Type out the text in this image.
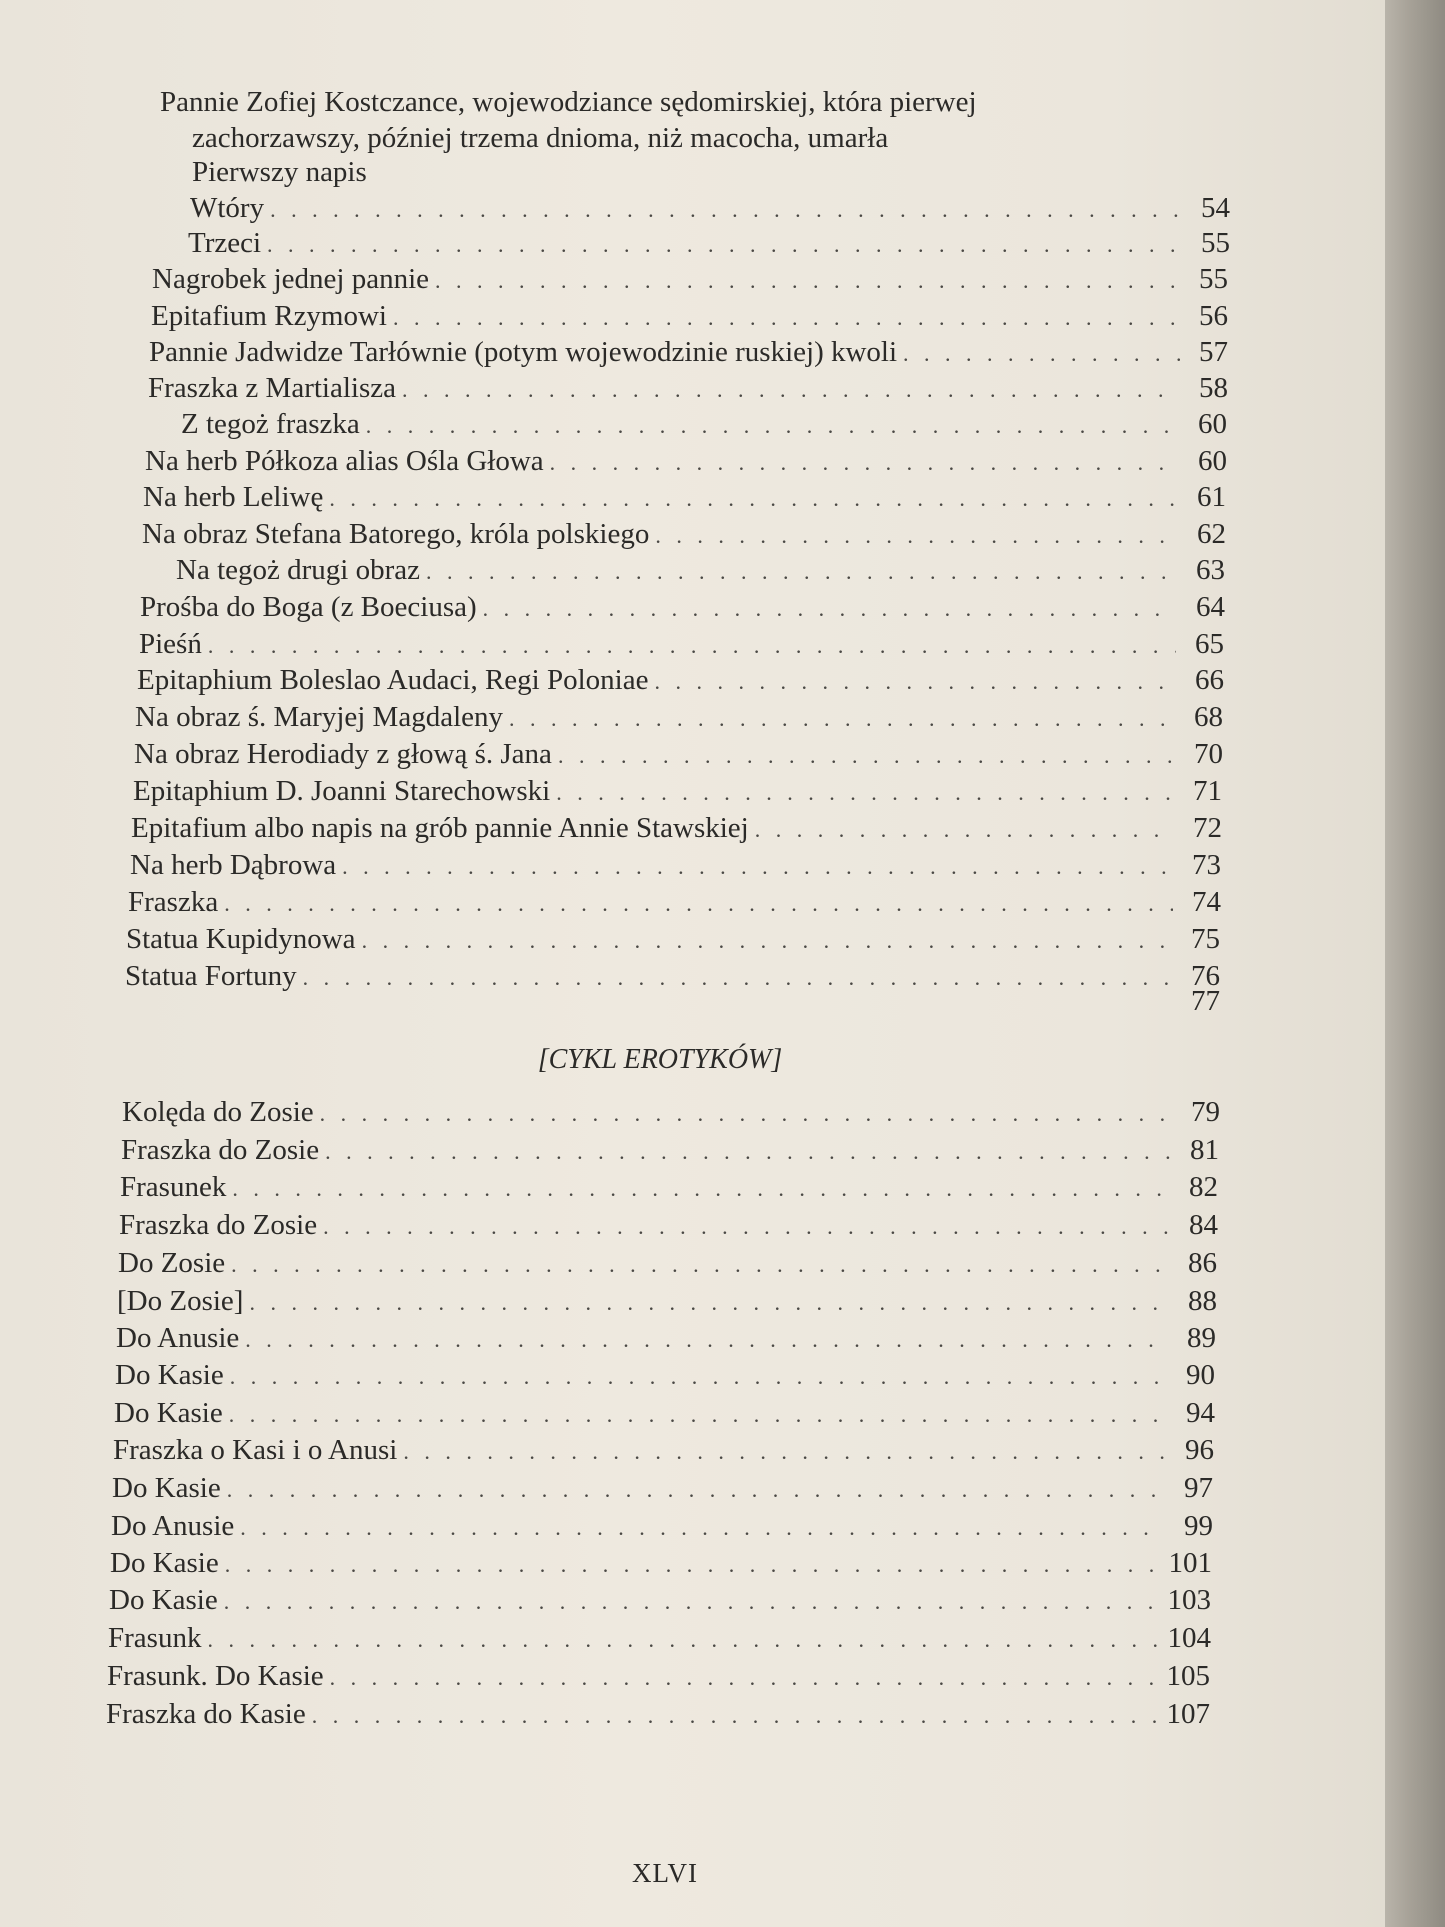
Pannie Zofiej Kostczance, wojewodziance sędomirskiej, która pierwej
zachorzawszy, później trzema dnioma, niż macocha, umarła
Pierwszy napis
Wtóry . . .	54
Trzeci . . .	55
Nagrobek jednej pannie . . .	55
Epitafium Rzymowi . . .	56
Pannie Jadwidze Tarłównie (potym wojewodzinie ruskiej) kwoli . . .	57
Fraszka z Martialisza . . .	58
Z tegoż fraszka . . .	60
Na herb Półkoza alias Ośla Głowa . . .	60
Na herb Leliwę . . .	61
Na obraz Stefana Batorego, króla polskiego . . .	62
Na tegoż drugi obraz . . .	63
Prośba do Boga (z Boeciusa) . . .	64
Pieśń . . .	65
Epitaphium Boleslao Audaci, Regi Poloniae . . .	66
Na obraz ś. Maryjej Magdaleny . . .	68
Na obraz Herodiady z głową ś. Jana . . .	70
Epitaphium D. Joanni Starechowski . . .	71
Epitafium albo napis na grób pannie Annie Stawskiej . . .	72
Na herb Dąbrowa . . .	73
Fraszka . . .	74
Statua Kupidynowa . . .	75
Statua Fortuny . . .	76
77
[CYKL EROTYKÓW]
Kolęda do Zosie . . .	79
Fraszka do Zosie . . .	81
Frasunek . . .	82
Fraszka do Zosie . . .	84
Do Zosie . . .	86
[Do Zosie] . . .	88
Do Anusie . . .	89
Do Kasie . . .	90
Do Kasie . . .	94
Fraszka o Kasi i o Anusi . . .	96
Do Kasie . . .	97
Do Anusie . . .	99
Do Kasie . . .	101
Do Kasie . . .	103
Frasunk . . .	104
Frasunk. Do Kasie . . .	105
Fraszka do Kasie . . .	107
XLVI
